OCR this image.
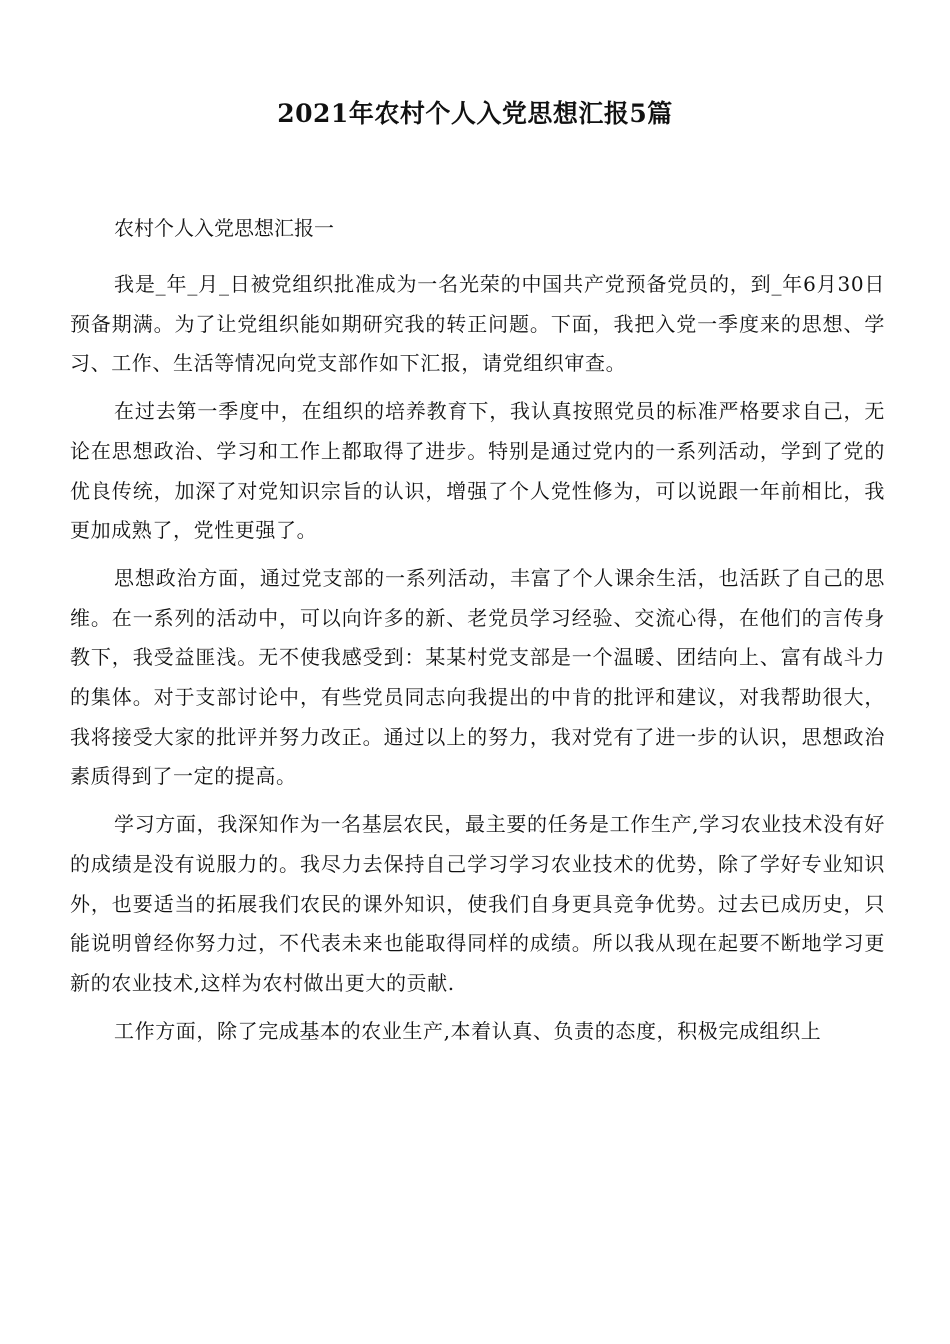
2021年农村个人入党思想汇报5篇
农村个人入党思想汇报一

我是_年_月_日被党组织批准成为一名光荣的中国共产党预备党员的，到_年6月30日预备期满。为了让党组织能如期研究我的转正问题。下面，我把入党一季度来的思想、学习、工作、生活等情况向党支部作如下汇报，请党组织审查。

在过去第一季度中，在组织的培养教育下，我认真按照党员的标准严格要求自己，无论在思想政治、学习和工作上都取得了进步。特别是通过党内的一系列活动，学到了党的优良传统，加深了对党知识宗旨的认识，增强了个人党性修为，可以说跟一年前相比，我更加成熟了，党性更强了。

思想政治方面，通过党支部的一系列活动，丰富了个人课余生活，也活跃了自己的思维。在一系列的活动中，可以向许多的新、老党员学习经验、交流心得，在他们的言传身教下，我受益匪浅。无不使我感受到：某某村党支部是一个温暖、团结向上、富有战斗力的集体。对于支部讨论中，有些党员同志向我提出的中肯的批评和建议，对我帮助很大，我将接受大家的批评并努力改正。通过以上的努力，我对党有了进一步的认识，思想政治素质得到了一定的提高。

学习方面，我深知作为一名基层农民，最主要的任务是工作生产,学习农业技术没有好的成绩是没有说服力的。我尽力去保持自己学习学习农业技术的优势，除了学好专业知识外，也要适当的拓展我们农民的课外知识，使我们自身更具竞争优势。过去已成历史，只能说明曾经你努力过，不代表未来也能取得同样的成绩。所以我从现在起要不断地学习更新的农业技术,这样为农村做出更大的贡献.

工作方面，除了完成基本的农业生产,本着认真、负责的态度，积极完成组织上
